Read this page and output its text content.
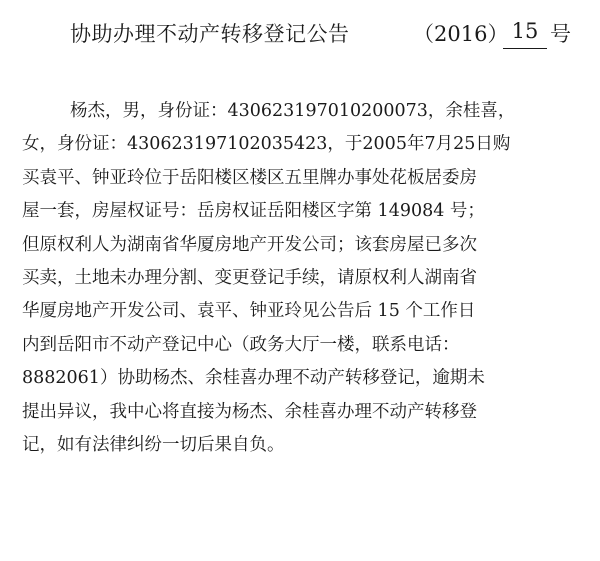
协助办理不动产转移登记公告	（2016） 15 号
杨杰，男，身份证：430623197010200073，余桂喜，
女，身份证：430623197102035423，于2005年7月25日购
买袁平、钟亚玲位于岳阳楼区楼区五里牌办事处花板居委房
屋一套，房屋权证号：岳房权证岳阳楼区字第 149084 号；
但原权利人为湖南省华厦房地产开发公司；该套房屋已多次
买卖，土地未办理分割、变更登记手续，请原权利人湖南省
华厦房地产开发公司、袁平、钟亚玲见公告后 15 个工作日
内到岳阳市不动产登记中心（政务大厅一楼，联系电话：
8882061）协助杨杰、余桂喜办理不动产转移登记，逾期未
提出异议，我中心将直接为杨杰、余桂喜办理不动产转移登
记，如有法律纠纷一切后果自负。
